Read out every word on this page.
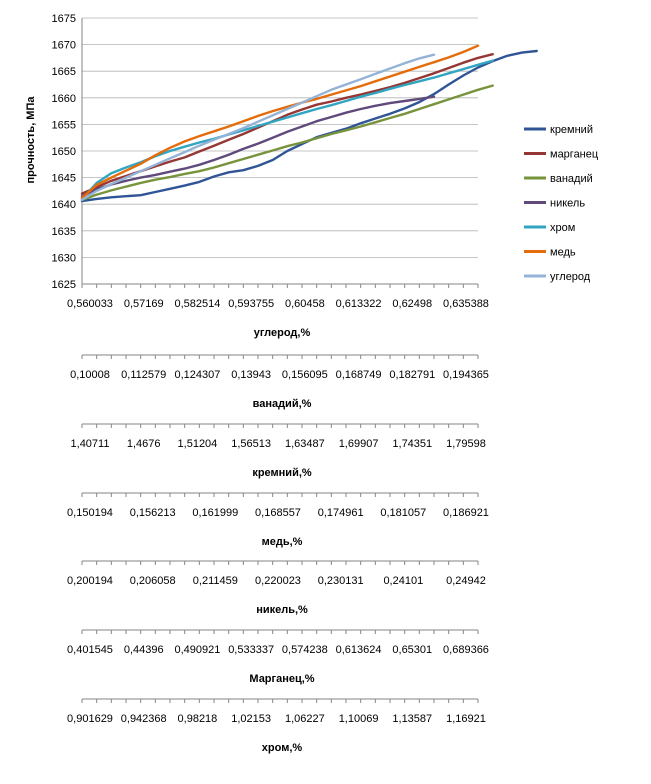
1625
1630
1635
1640
1645
1650
1655
1660
1665
1670
1675
прочность, МПа	кремний
марганец
ванадий
никель
хром
медь
углерод
0,560033 0,57169 0,582514 0,593755 0,60458 0,613322 0,62498 0,635388
углерод,%
0,10008 0,112579 0,124307 0,13943 0,156095 0,168749 0,182791 0,194365
ванадий,%
1,40711 1,4676 1,51204 1,56513 1,63487 1,69907 1,74351 1,79598
кремний,%
0,150194 0,156213 0,161999 0,168557 0,174961 0,181057 0,186921
медь,%
0,200194 0,206058 0,211459 0,220023 0,230131 0,24101 0,24942
никель,%
0,401545 0,44396 0,490921 0,533337 0,574238 0,613624 0,65301 0,689366
Марганец,%
0,901629 0,942368 0,98218 1,02153 1,06227 1,10069 1,13587 1,16921
хром,%
